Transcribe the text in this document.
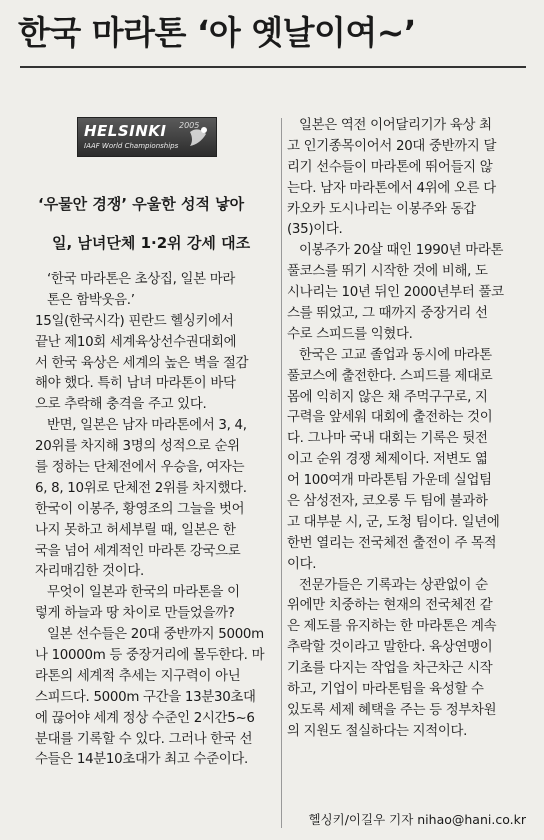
한국 마라톤 ‘아 옛날이여~’
HELSINKI 2005
IAAF World Championships
‘우물안 경쟁’ 우울한 성적 낳아
일, 남녀단체 1·2위 강세 대조
‘한국 마라톤은 초상집, 일본 마라
톤은 함박웃음.’
15일(한국시각) 핀란드 헬싱키에서
끝난 제10회 세계육상선수권대회에
서 한국 육상은 세계의 높은 벽을 절감
해야 했다. 특히 남녀 마라톤이 바닥
으로 추락해 충격을 주고 있다.
반면, 일본은 남자 마라톤에서 3, 4,
20위를 차지해 3명의 성적으로 순위
를 정하는 단체전에서 우승을, 여자는
6, 8, 10위로 단체전 2위를 차지했다.
한국이 이봉주, 황영조의 그늘을 벗어
나지 못하고 허세부릴 때, 일본은 한
국을 넘어 세계적인 마라톤 강국으로
자리매김한 것이다.
무엇이 일본과 한국의 마라톤을 이
렇게 하늘과 땅 차이로 만들었을까?
일본 선수들은 20대 중반까지 5000m
나 10000m 등 중장거리에 몰두한다. 마
라톤의 세계적 추세는 지구력이 아닌
스피드다. 5000m 구간을 13분30초대
에 끊어야 세계 정상 수준인 2시간5~6
분대를 기록할 수 있다. 그러나 한국 선
수들은 14분10초대가 최고 수준이다.
일본은 역전 이어달리기가 육상 최
고 인기종목이어서 20대 중반까지 달
리기 선수들이 마라톤에 뛰어들지 않
는다. 남자 마라톤에서 4위에 오른 다
카오카 도시나리는 이봉주와 동갑
(35)이다.
이봉주가 20살 때인 1990년 마라톤
풀코스를 뛰기 시작한 것에 비해, 도
시나리는 10년 뒤인 2000년부터 풀코
스를 뛰었고, 그 때까지 중장거리 선
수로 스피드를 익혔다.
한국은 고교 졸업과 동시에 마라톤
풀코스에 출전한다. 스피드를 제대로
몸에 익히지 않은 채 주먹구구로, 지
구력을 앞세워 대회에 출전하는 것이
다. 그나마 국내 대회는 기록은 뒷전
이고 순위 경쟁 체제이다. 저변도 엷
어 100여개 마라톤팀 가운데 실업팀
은 삼성전자, 코오롱 두 팀에 불과하
고 대부분 시, 군, 도청 팀이다. 일년에
한번 열리는 전국체전 출전이 주 목적
이다.
전문가들은 기록과는 상관없이 순
위에만 치중하는 현재의 전국체전 같
은 제도를 유지하는 한 마라톤은 계속
추락할 것이라고 말한다. 육상연맹이
기초를 다지는 작업을 차근차근 시작
하고, 기업이 마라톤팀을 육성할 수
있도록 세제 혜택을 주는 등 정부차원
의 지원도 절실하다는 지적이다.
헬싱키/이길우 기자 nihao@hani.co.kr
